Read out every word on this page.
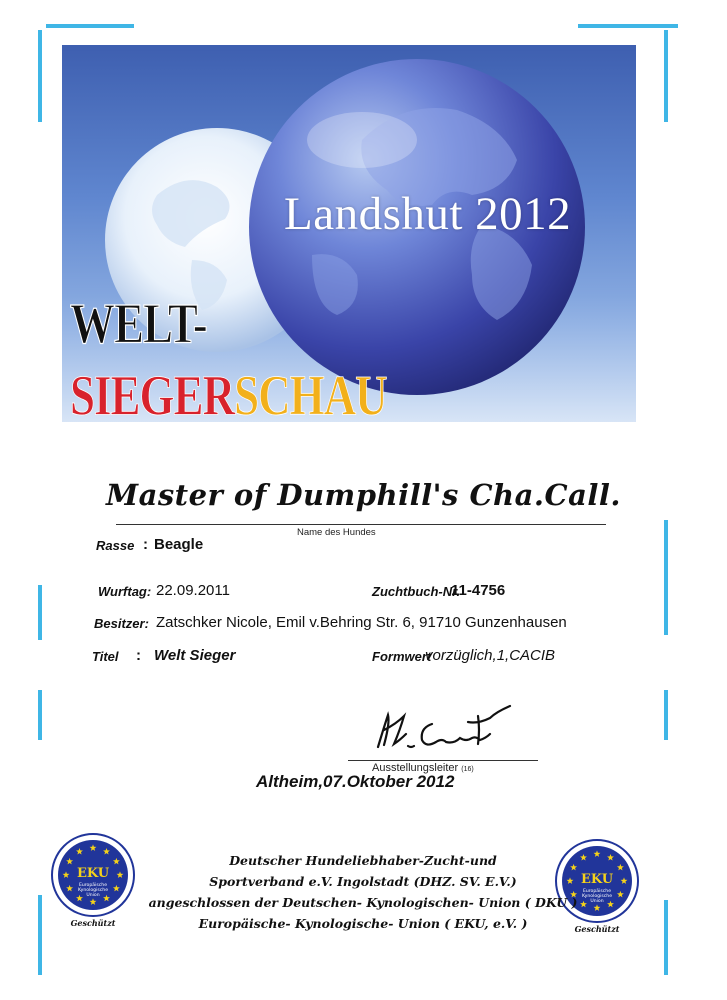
Landshut 2012
WELT-
SIEGERSCHAU
Master of Dumphill's Cha.Call.
Name des Hundes
Rasse : Beagle
Wurftag: 22.09.2011	Zuchtbuch-Nr.
11-4756
Besitzer: Zatschker Nicole, Emil v.Behring Str. 6, 91710 Gunzenhausen
Titel : Welt Sieger	Formwert
vorzüglich,1,CACIB
Ausstellungsleiter (16)
Altheim,07.Oktober 2012
EKU
Europäische
Kynologische
Union
Geschützt
EKU
Europäische
Kynologische
Union
Geschützt
Deutscher Hundeliebhaber-Zucht-und
Sportverband e.V. Ingolstadt (DHZ. SV. E.V.)
angeschlossen der Deutschen- Kynologischen- Union ( DKU )
Europäische- Kynologische- Union ( EKU, e.V. )
